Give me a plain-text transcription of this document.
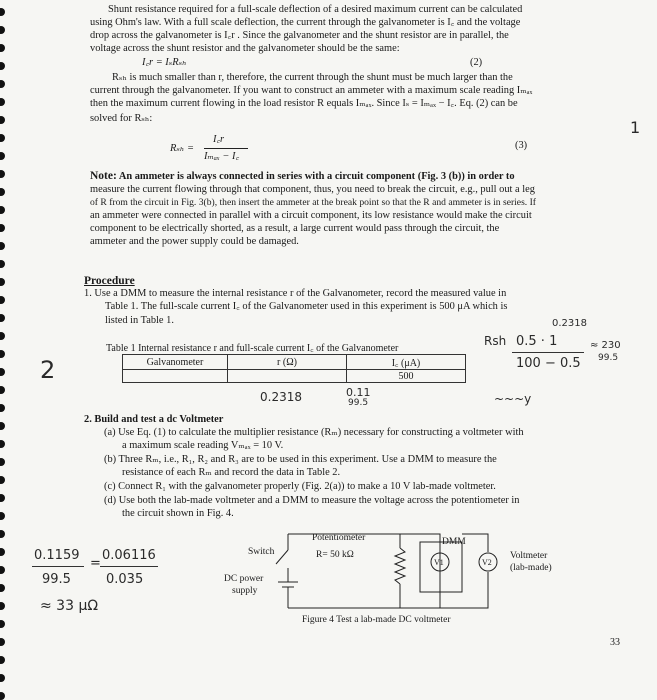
Shunt resistance required for a full-scale deflection of a desired maximum current can be calculated
using Ohm's law. With a full scale deflection, the current through the galvanometer is I꜀ and the voltage
drop across the galvanometer is I꜀r . Since the galvanometer and the shunt resistor are in parallel, the
voltage across the shunt resistor and the galvanometer should be the same:
I꜀r = IₛRₛₕ	(2)
Rₛₕ is much smaller than r, therefore, the current through the shunt must be much larger than the
current through the galvanometer. If you want to construct an ammeter with a maximum scale reading Iₘₐₓ
then the maximum current flowing in the load resistor R equals Iₘₐₓ. Since Iₛ = Iₘₐₓ − I꜀. Eq. (2) can be
solved for Rₛₕ:
Rₛₕ =
I꜀r
Iₘₐₓ − I꜀
(3)
Note: An ammeter is always connected in series with a circuit component (Fig. 3 (b)) in order to
measure the current flowing through that component, thus, you need to break the circuit, e.g., pull out a leg
of R from the circuit in Fig. 3(b), then insert the ammeter at the break point so that the R and ammeter is in series. If
an ammeter were connected in parallel with a circuit component, its low resistance would make the circuit
component to be electrically shorted, as a result, a large current would pass through the circuit, the
ammeter and the power supply could be damaged.
Procedure
1. Use a DMM to measure the internal resistance r of the Galvanometer, record the measured value in
Table 1. The full-scale current I꜀ of the Galvanometer used in this experiment is 500 μA which is
listed in Table 1.
Table 1 Internal resistance r and full-scale current I꜀ of the Galvanometer
Galvanometer	r (Ω)	I꜀ (μA)
		500
2. Build and test a dc Voltmeter
(a) Use Eq. (1) to calculate the multiplier resistance (Rₘ) necessary for constructing a voltmeter with
a maximum scale reading Vₘₐₓ = 10 V.
(b) Three Rₘ, i.e., R₁, R₂ and R₃ are to be used in this experiment. Use a DMM to measure the
resistance of each Rₘ and record the data in Table 2.
(c) Connect R₁ with the galvanometer properly (Fig. 2(a)) to make a 10 V lab-made voltmeter.
(d) Use both the lab-made voltmeter and a DMM to measure the voltage across the potentiometer in
the circuit shown in Fig. 4.
Potentiometer
R= 50 kΩ
DMM
V1	V2
Voltmeter
(lab-made)
Switch
DC power
supply
Figure 4 Test a lab-made DC voltmeter
33
1
2
0.2318
Rsh 0.5 · 1
100 − 0.5
≈ 230
99.5
0.2318	0.11
99.5	~~~y
0.1159
99.5
=
0.06116
0.035
≈ 33 μΩ
